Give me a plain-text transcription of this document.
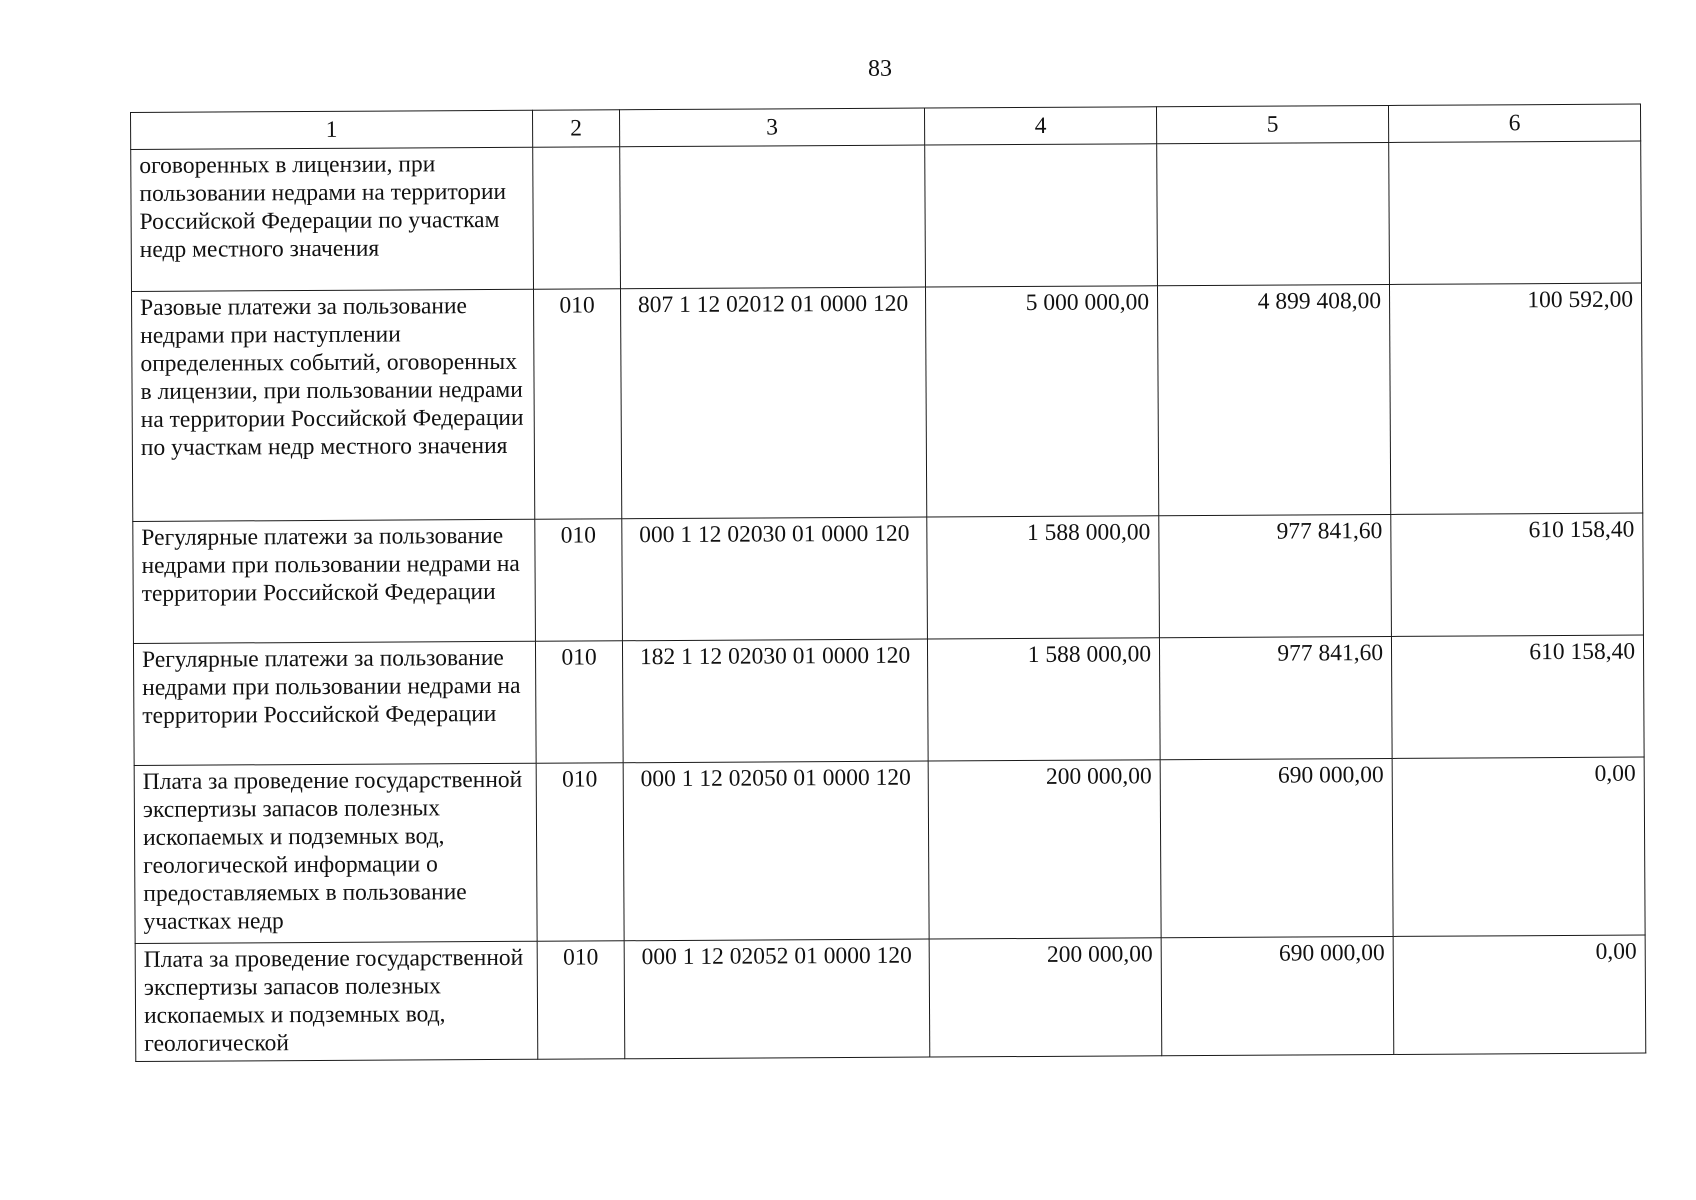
83
1	2	3	4	5	6
оговоренных в лицензии, при пользовании недрами на территории Российской Федерации по участкам недр местного значения					
Разовые платежи за пользование недрами при наступлении определенных событий, оговоренных в лицензии, при пользовании недрами на территории Российской Федерации по участкам недр местного значения	010	807 1 12 02012 01 0000 120	5 000 000,00	4 899 408,00	100 592,00
Регулярные платежи за пользование недрами при пользовании недрами на территории Российской Федерации	010	000 1 12 02030 01 0000 120	1 588 000,00	977 841,60	610 158,40
Регулярные платежи за пользование недрами при пользовании недрами на территории Российской Федерации	010	182 1 12 02030 01 0000 120	1 588 000,00	977 841,60	610 158,40
Плата за проведение государственной экспертизы запасов полезных ископаемых и подземных вод, геологической информации о предоставляемых в пользование участках недр	010	000 1 12 02050 01 0000 120	200 000,00	690 000,00	0,00
Плата за проведение государственной экспертизы запасов полезных ископаемых и подземных вод, геологической	010	000 1 12 02052 01 0000 120	200 000,00	690 000,00	0,00
